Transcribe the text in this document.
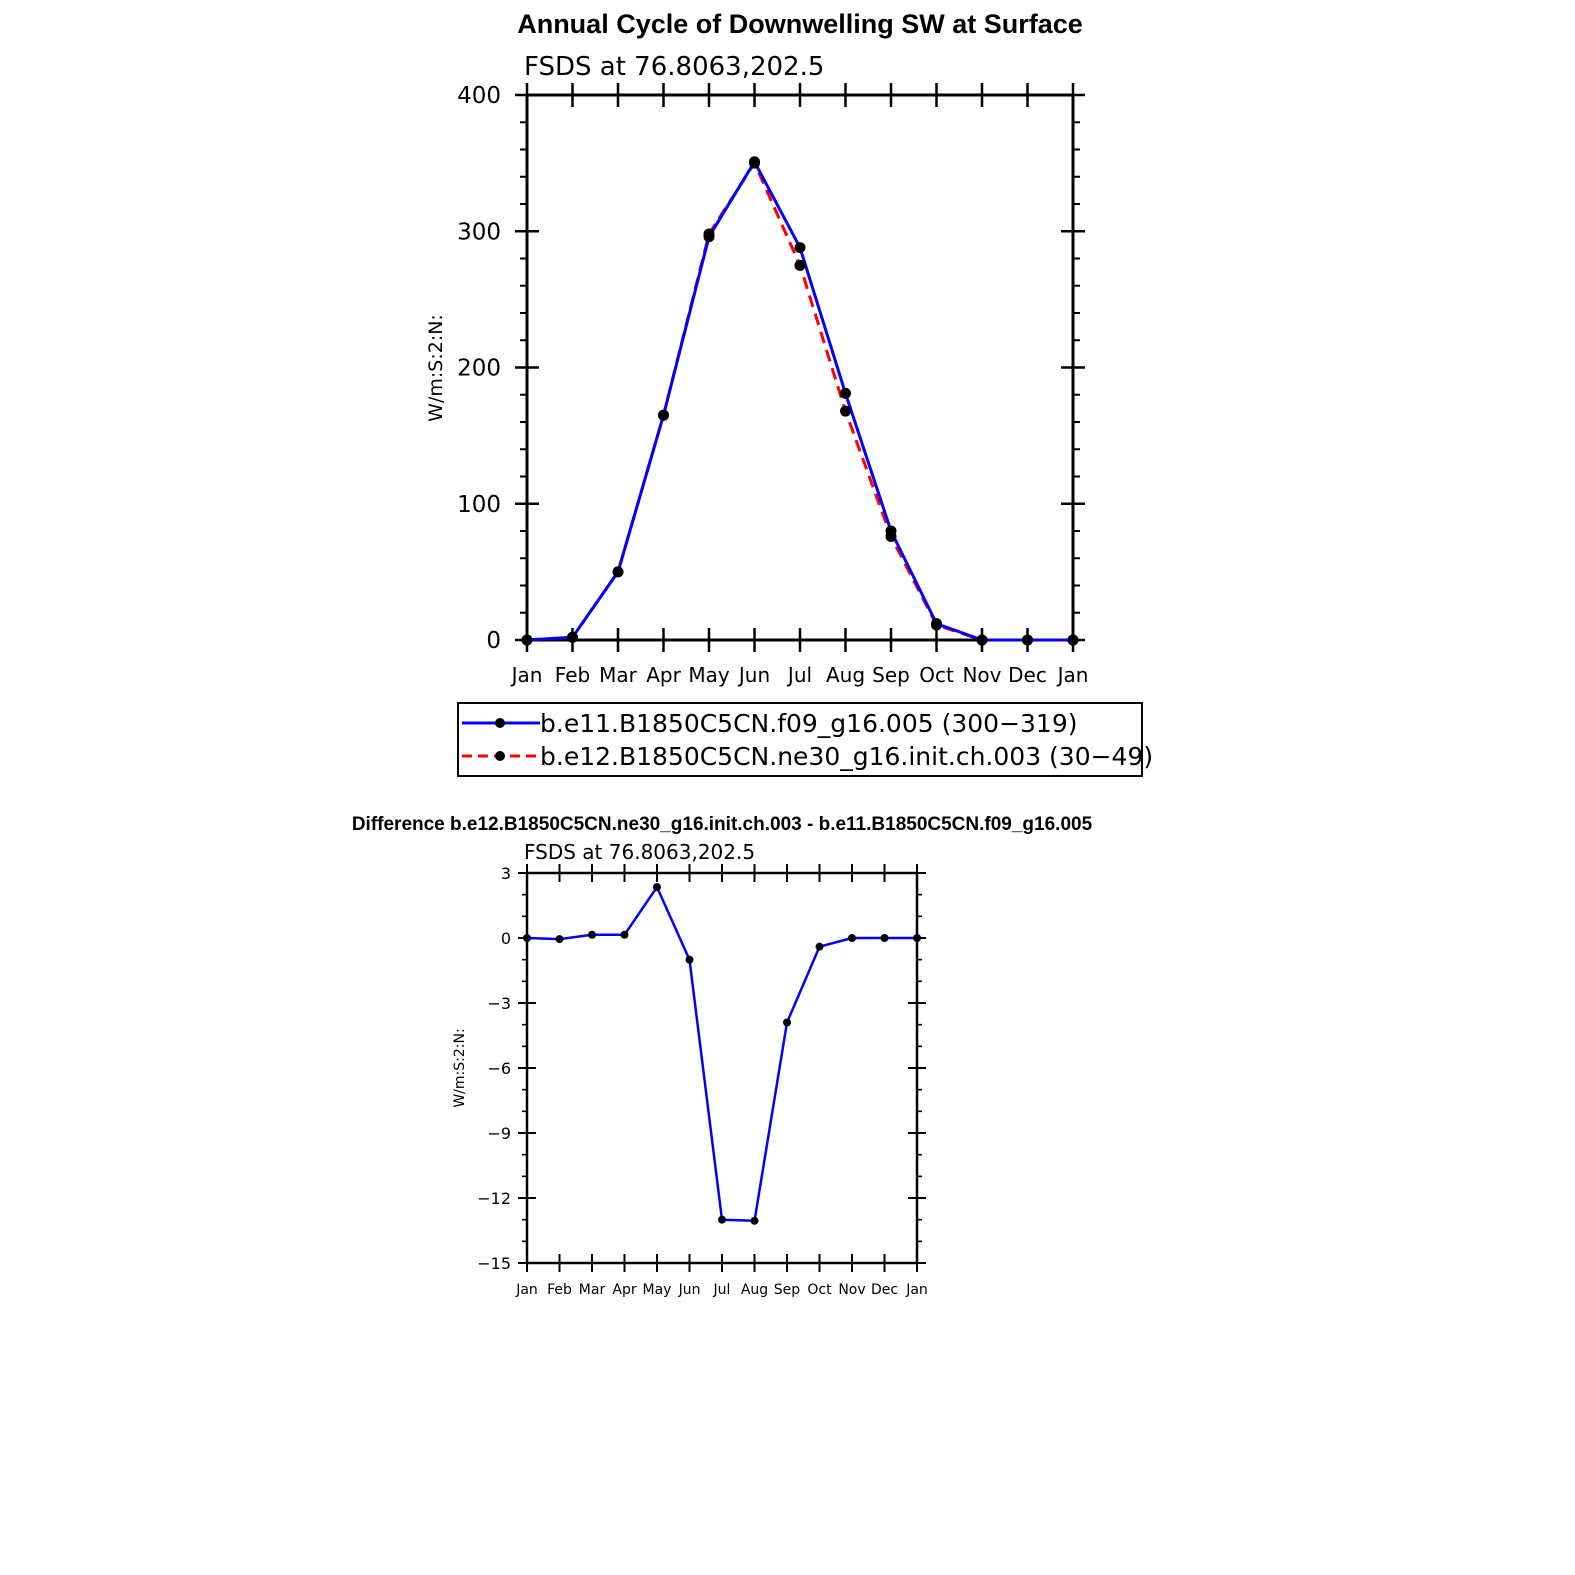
Annual Cycle of Downwelling SW at Surface
FSDS at 76.8063,202.5
W/m:S:2:N:
Difference b.e12.B1850C5CN.ne30_g16.init.ch.003 - b.e11.B1850C5CN.f09_g16.005
FSDS at 76.8063,202.5
W/m:S:2:N:
b.e11.B1850C5CN.f09_g16.005 (300−319)
b.e12.B1850C5CN.ne30_g16.init.ch.003 (30−49)
Jan Feb Mar Apr May Jun Jul Aug Sep Oct Nov Dec Jan
0
100
200
300
400
Jan Feb Mar Apr May Jun Jul Aug Sep Oct Nov Dec Jan
−15
−12
−9
−6
−3
0
3
